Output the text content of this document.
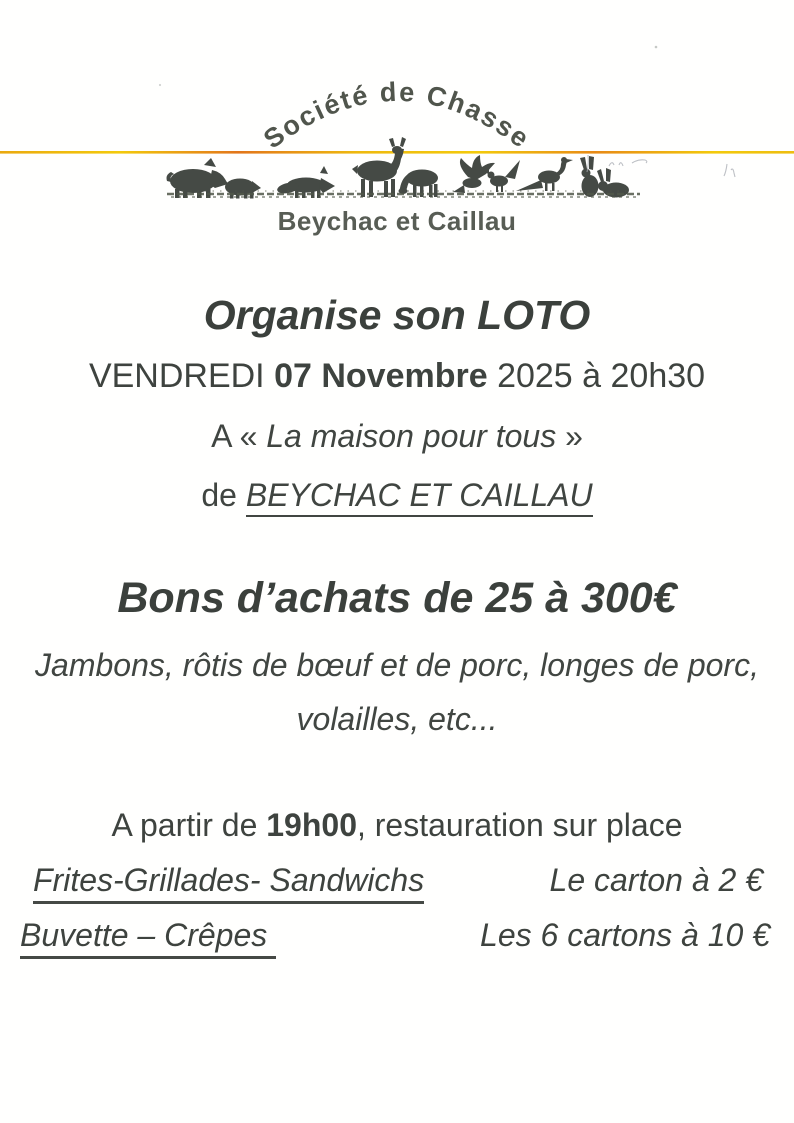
Société de Chasse
Beychac et Caillau
Organise son LOTO
VENDREDI 07 Novembre 2025 à 20h30
A « La maison pour tous »
de BEYCHAC ET CAILLAU
Bons d’achats de 25 à 300€
Jambons, rôtis de bœuf et de porc, longes de porc,
volailles, etc...
A partir de 19h00, restauration sur place
Frites-Grillades- Sandwichs	Le carton à 2 €
Buvette – Crêpes	Les 6 cartons à 10 €
